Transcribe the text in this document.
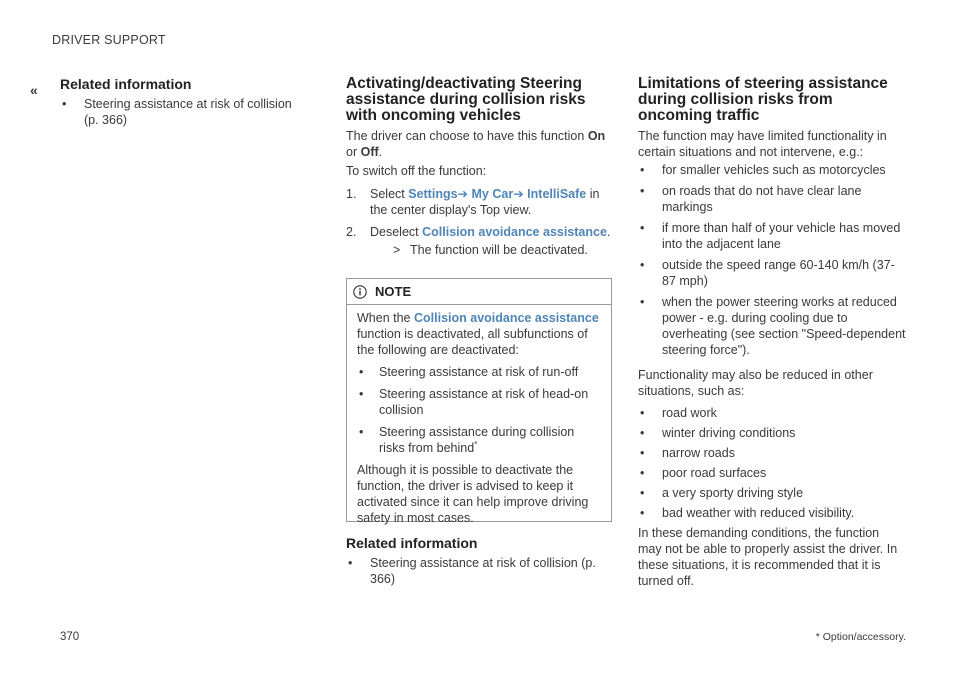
DRIVER SUPPORT
« Related information
• Steering assistance at risk of collision (p. 366)
Activating/deactivating Steering assistance during collision risks with oncoming vehicles

The driver can choose to have this function On or Off.

To switch off the function:

1. Select Settings➔ My Car➔ IntelliSafe in the center display's Top view.
2. Deselect Collision avoidance assistance.
> The function will be deactivated.
NOTE

When the Collision avoidance assistance function is deactivated, all subfunctions of the following are deactivated:

• Steering assistance at risk of run-off
• Steering assistance at risk of head-on collision
• Steering assistance during collision risks from behind*

Although it is possible to deactivate the function, the driver is advised to keep it activated since it can help improve driving safety in most cases.

Related information
• Steering assistance at risk of collision (p. 366)
Limitations of steering assistance during collision risks from oncoming traffic

The function may have limited functionality in certain situations and not intervene, e.g.:

• for smaller vehicles such as motorcycles
• on roads that do not have clear lane markings
• if more than half of your vehicle has moved into the adjacent lane
• outside the speed range 60-140 km/h (37-87 mph)
• when the power steering works at reduced power - e.g. during cooling due to overheating (see section "Speed-dependent steering force").

Functionality may also be reduced in other situations, such as:

• road work
• winter driving conditions
• narrow roads
• poor road surfaces
• a very sporty driving style
• bad weather with reduced visibility.

In these demanding conditions, the function may not be able to properly assist the driver. In these situations, it is recommended that it is turned off.

370	* Option/accessory.
